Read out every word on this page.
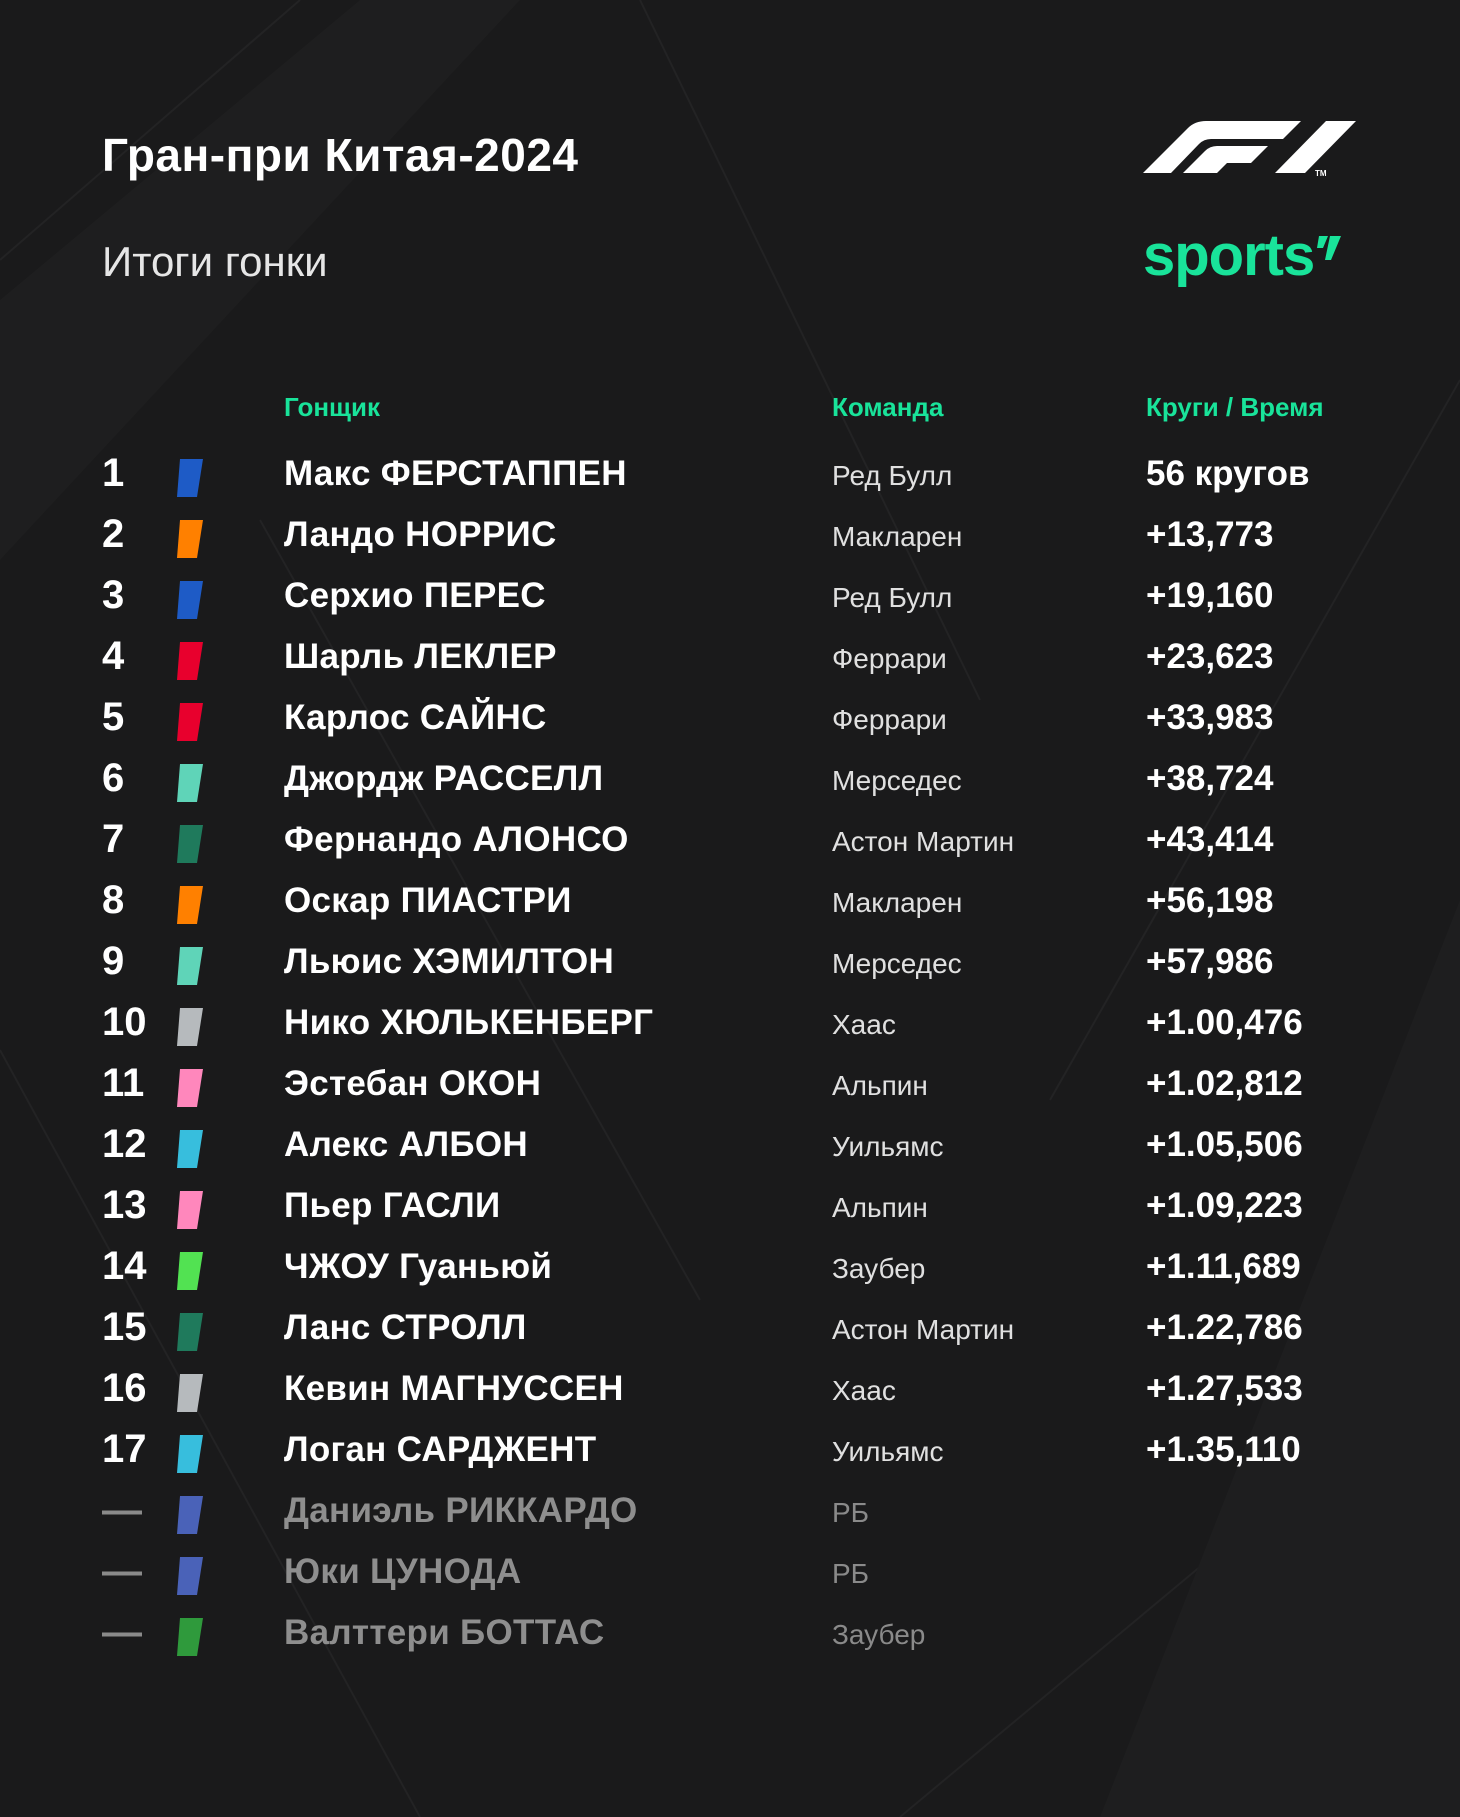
Гран-при Китая-2024
Итоги гонки
TM
sports
Гонщик	Команда	Круги / Время
1	Макс ФЕРСТАППЕН	Ред Булл	56 кругов
2	Ландо НОРРИС	Макларен	+13,773
3	Серхио ПЕРЕС	Ред Булл	+19,160
4	Шарль ЛЕКЛЕР	Феррари	+23,623
5	Карлос САЙНС	Феррари	+33,983
6	Джордж РАССЕЛЛ	Мерседес	+38,724
7	Фернандо АЛОНСО	Астон Мартин	+43,414
8	Оскар ПИАСТРИ	Макларен	+56,198
9	Льюис ХЭМИЛТОН	Мерседес	+57,986
10	Нико ХЮЛЬКЕНБЕРГ	Хаас	+1.00,476
11	Эстебан ОКОН	Альпин	+1.02,812
12	Алекс АЛБОН	Уильямс	+1.05,506
13	Пьер ГАСЛИ	Альпин	+1.09,223
14	ЧЖОУ Гуаньюй	Заубер	+1.11,689
15	Ланс СТРОЛЛ	Астон Мартин	+1.22,786
16	Кевин МАГНУССЕН	Хаас	+1.27,533
17	Логан САРДЖЕНТ	Уильямс	+1.35,110
—	Даниэль РИККАРДО	РБ
—	Юки ЦУНОДА	РБ
—	Валттери БОТТАС	Заубер
